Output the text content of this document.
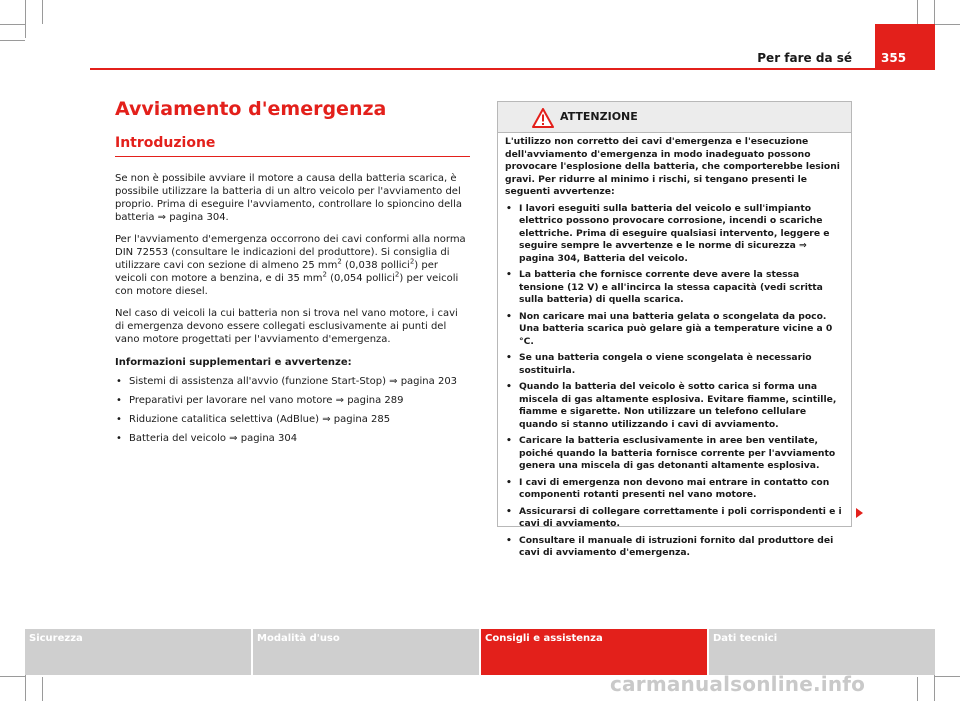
355
Per fare da sé
Avviamento d'emergenza
Introduzione

Se non è possibile avviare il motore a causa della batteria scarica, è possibile utilizzare la batteria di un altro veicolo per l'avviamento del proprio. Prima di eseguire l'avviamento, controllare lo spioncino della batteria ⇒ pagina 304.

Per l'avviamento d'emergenza occorrono dei cavi conformi alla norma DIN 72553 (consultare le indicazioni del produttore). Si consiglia di utilizzare cavi con sezione di almeno 25 $mm^2$ (0,038 pollici$^2$) per veicoli con motore a benzina, e di 35 $mm^2$ (0,054 pollici$^2$) per veicoli con motore diesel.

Nel caso di veicoli la cui batteria non si trova nel vano motore, i cavi di emergenza devono essere collegati esclusivamente ai punti del vano motore progettati per l'avviamento d'emergenza.

Informazioni supplementari e avvertenze:

• Sistemi di assistenza all'avvio (funzione Start-Stop) ⇒ pagina 203
• Preparativi per lavorare nel vano motore ⇒ pagina 289
• Riduzione catalitica selettiva (AdBlue) ⇒ pagina 285
• Batteria del veicolo ⇒ pagina 304
ATTENZIONE

L'utilizzo non corretto dei cavi d'emergenza e l'esecuzione dell'avviamento d'emergenza in modo inadeguato possono provocare l'esplosione della batteria, che comporterebbe lesioni gravi. Per ridurre al minimo i rischi, si tengano presenti le seguenti avvertenze:

• I lavori eseguiti sulla batteria del veicolo e sull'impianto elettrico possono provocare corrosione, incendi o scariche elettriche. Prima di eseguire qualsiasi intervento, leggere e seguire sempre le avvertenze e le norme di sicurezza ⇒ pagina 304, Batteria del veicolo.
• La batteria che fornisce corrente deve avere la stessa tensione (12 V) e all'incirca la stessa capacità (vedi scritta sulla batteria) di quella scarica.
• Non caricare mai una batteria gelata o scongelata da poco. Una batteria scarica può gelare già a temperature vicine a 0 °C.
• Se una batteria congela o viene scongelata è necessario sostituirla.
• Quando la batteria del veicolo è sotto carica si forma una miscela di gas altamente esplosiva. Evitare fiamme, scintille, fiamme e sigarette. Non utilizzare un telefono cellulare quando si stanno utilizzando i cavi di avviamento.
• Caricare la batteria esclusivamente in aree ben ventilate, poiché quando la batteria fornisce corrente per l'avviamento genera una miscela di gas detonanti altamente esplosiva.
• I cavi di emergenza non devono mai entrare in contatto con componenti rotanti presenti nel vano motore.
• Assicurarsi di collegare correttamente i poli corrispondenti e i cavi di avviamento.
• Consultare il manuale di istruzioni fornito dal produttore dei cavi di avviamento d'emergenza.
Sicurezza	Modalità d'uso	Consigli e assistenza	Dati tecnici
carmanualsonline.info
